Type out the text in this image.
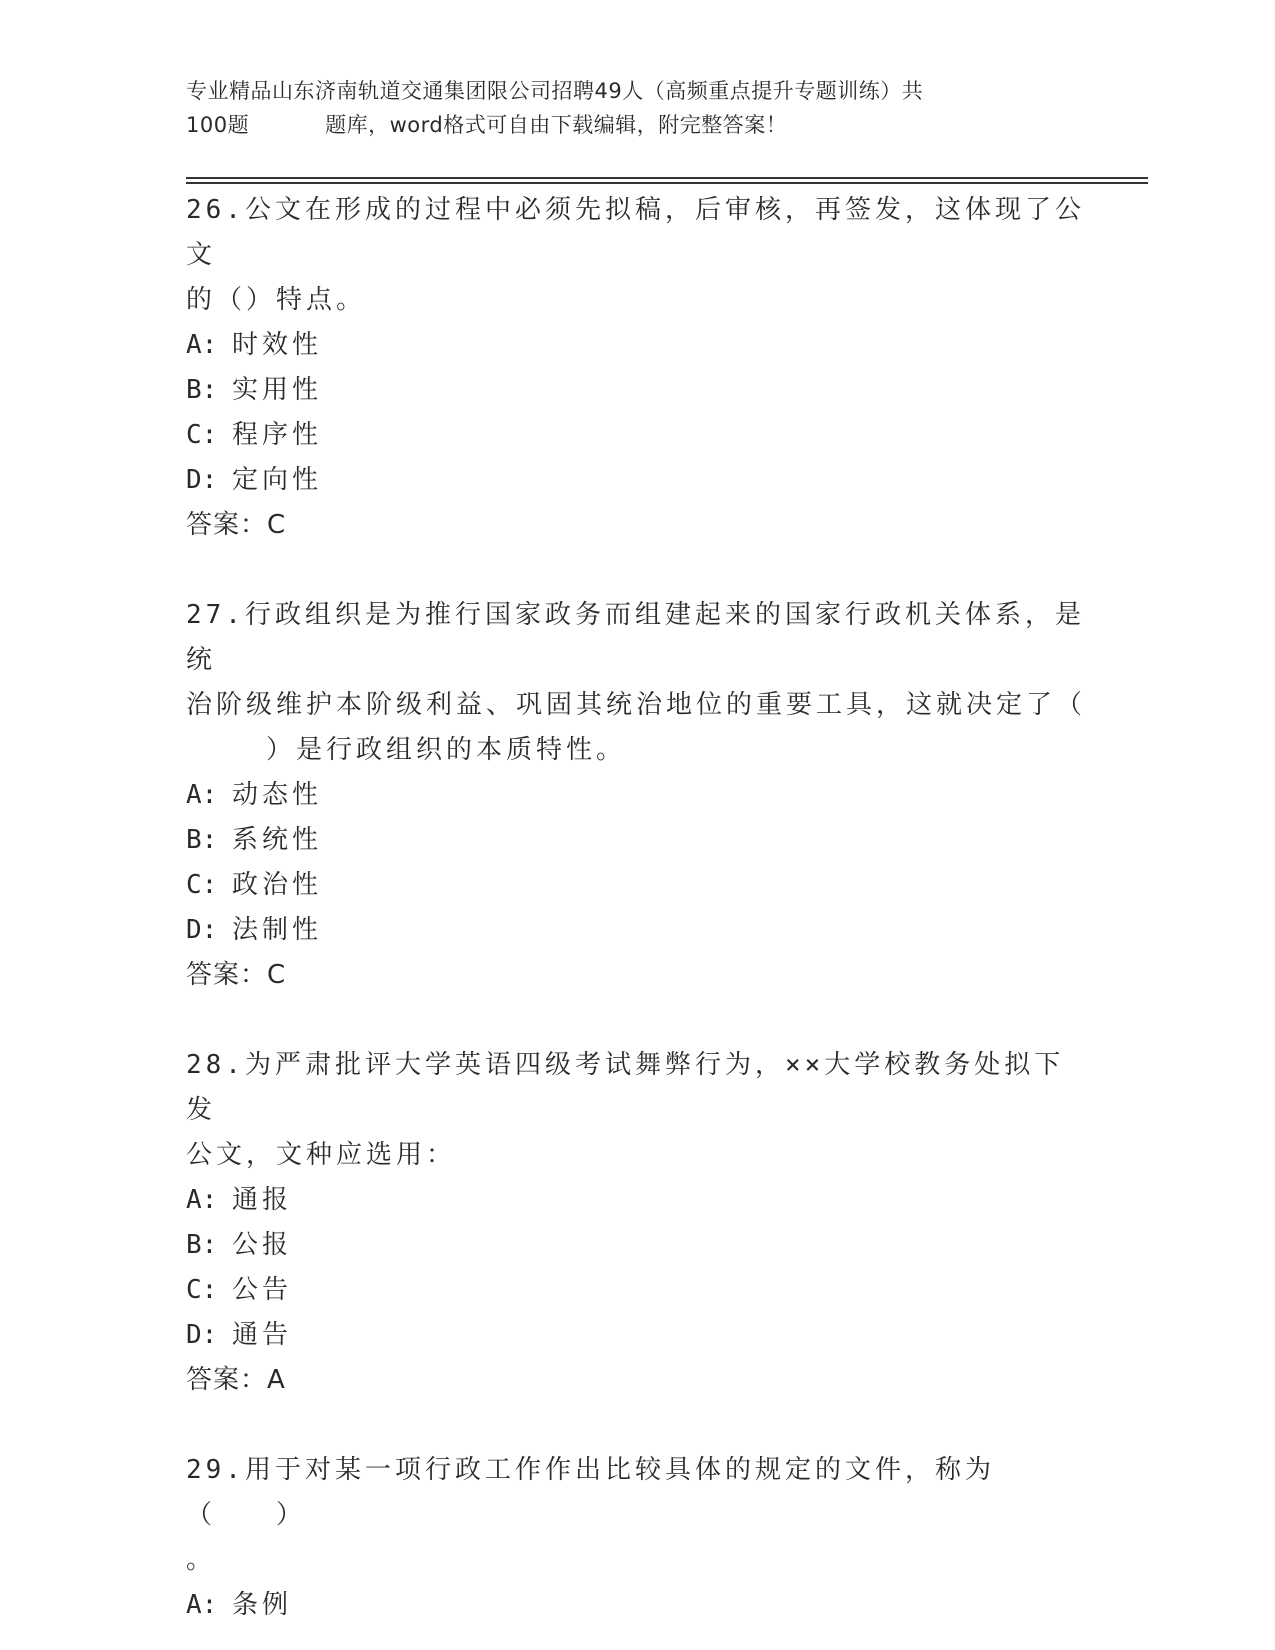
专业精品山东济南轨道交通集团限公司招聘49人（高频重点提升专题训练）共
100题	题库，word格式可自由下载编辑，附完整答案！

26.公文在形成的过程中必须先拟稿，后审核，再签发，这体现了公文
的（）特点。

A: 时效性

B: 实用性

C: 程序性

D: 定向性

答案：C

27.行政组织是为推行国家政务而组建起来的国家行政机关体系，是统
治阶级维护本阶级利益、巩固其统治地位的重要工具，这就决定了（
）是行政组织的本质特性。

A: 动态性

B: 系统性

C: 政治性

D: 法制性

答案：C

28.为严肃批评大学英语四级考试舞弊行为，××大学校教务处拟下发
公文，文种应选用：

A: 通报

B: 公报

C: 公告

D: 通告

答案：A

29.用于对某一项行政工作作出比较具体的规定的文件，称为（　　）
。

A: 条例
